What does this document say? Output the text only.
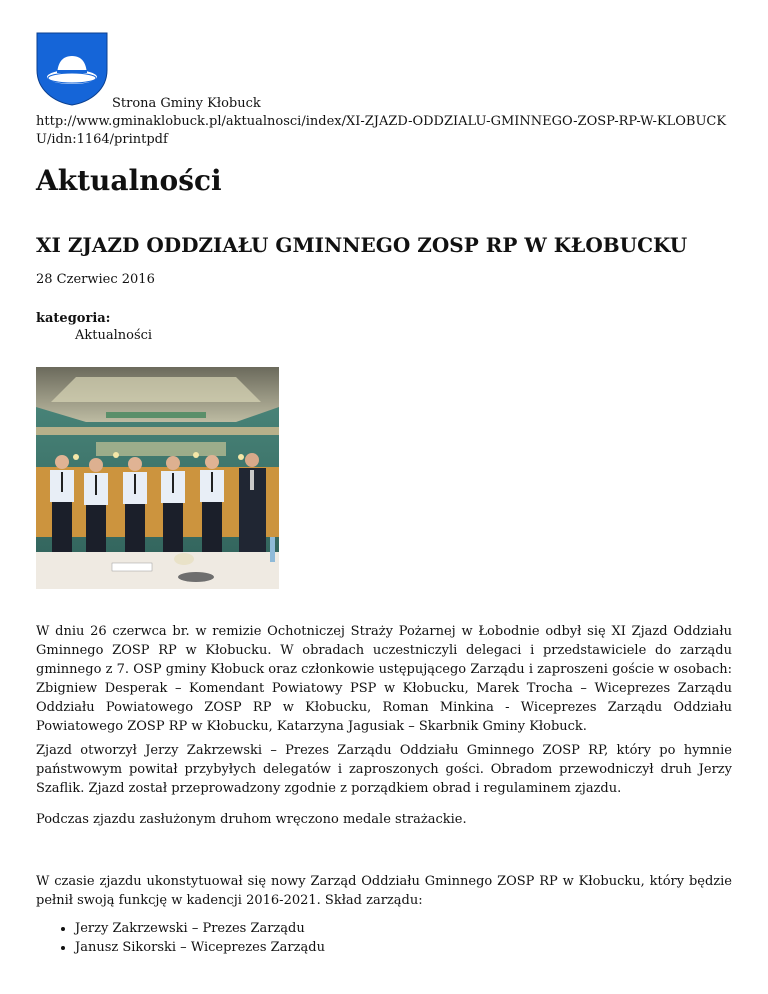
Strona Gminy Kłobuck
http://www.gminaklobuck.pl/aktualnosci/index/XI-ZJAZD-ODDZIALU-GMINNEGO-ZOSP-RP-W-KLOBUCKU/idn:1164/printpdf
Aktualności
XI ZJAZD ODDZIAŁU GMINNEGO ZOSP RP W KŁOBUCKU
28 Czerwiec 2016
kategoria:
Aktualności

W dniu 26 czerwca br. w remizie Ochotniczej Straży Pożarnej w Łobodnie odbył się XI Zjazd Oddziału Gminnego ZOSP RP w Kłobucku. W obradach uczestniczyli delegaci i przedstawiciele do zarządu gminnego z 7. OSP gminy Kłobuck oraz członkowie ustępującego Zarządu i zaproszeni goście w osobach: Zbigniew Desperak – Komendant Powiatowy PSP w Kłobucku, Marek Trocha – Wiceprezes Zarządu Oddziału Powiatowego ZOSP RP w Kłobucku, Roman Minkina - Wiceprezes Zarządu Oddziału Powiatowego ZOSP RP w Kłobucku, Katarzyna Jagusiak – Skarbnik Gminy Kłobuck.

Zjazd otworzył Jerzy Zakrzewski – Prezes Zarządu Oddziału Gminnego ZOSP RP, który po hymnie państwowym powitał przybyłych delegatów i zaproszonych gości. Obradom przewodniczył druh Jerzy Szaflik. Zjazd został przeprowadzony zgodnie z porządkiem obrad i regulaminem zjazdu.

Podczas zjazdu zasłużonym druhom wręczono medale strażackie.

W czasie zjazdu ukonstytuował się nowy Zarząd Oddziału Gminnego ZOSP RP w Kłobucku, który będzie pełnił swoją funkcję w kadencji 2016-2021. Skład zarządu:

• Jerzy Zakrzewski – Prezes Zarządu
• Janusz Sikorski – Wiceprezes Zarządu
